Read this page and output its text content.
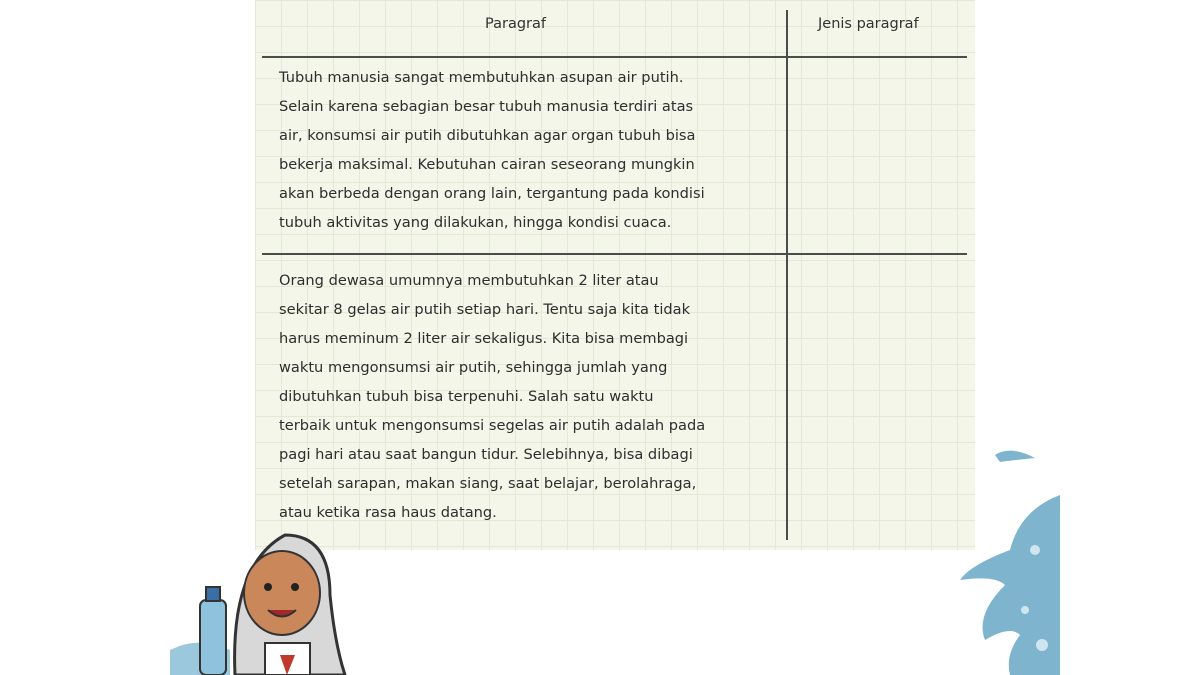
Paragraf	Jenis paragraf
Tubuh manusia sangat membutuhkan asupan air putih.
Selain karena sebagian besar tubuh manusia terdiri atas
air, konsumsi air putih dibutuhkan agar organ tubuh bisa
bekerja maksimal. Kebutuhan cairan seseorang mungkin
akan berbeda dengan orang lain, tergantung pada kondisi
tubuh aktivitas yang dilakukan, hingga kondisi cuaca.
Orang dewasa umumnya membutuhkan 2 liter atau
sekitar 8 gelas air putih setiap hari. Tentu saja kita tidak
harus meminum 2 liter air sekaligus. Kita bisa membagi
waktu mengonsumsi air putih, sehingga jumlah yang
dibutuhkan tubuh bisa terpenuhi. Salah satu waktu
terbaik untuk mengonsumsi segelas air putih adalah pada
pagi hari atau saat bangun tidur. Selebihnya, bisa dibagi
setelah sarapan, makan siang, saat belajar, berolahraga,
atau ketika rasa haus datang.
